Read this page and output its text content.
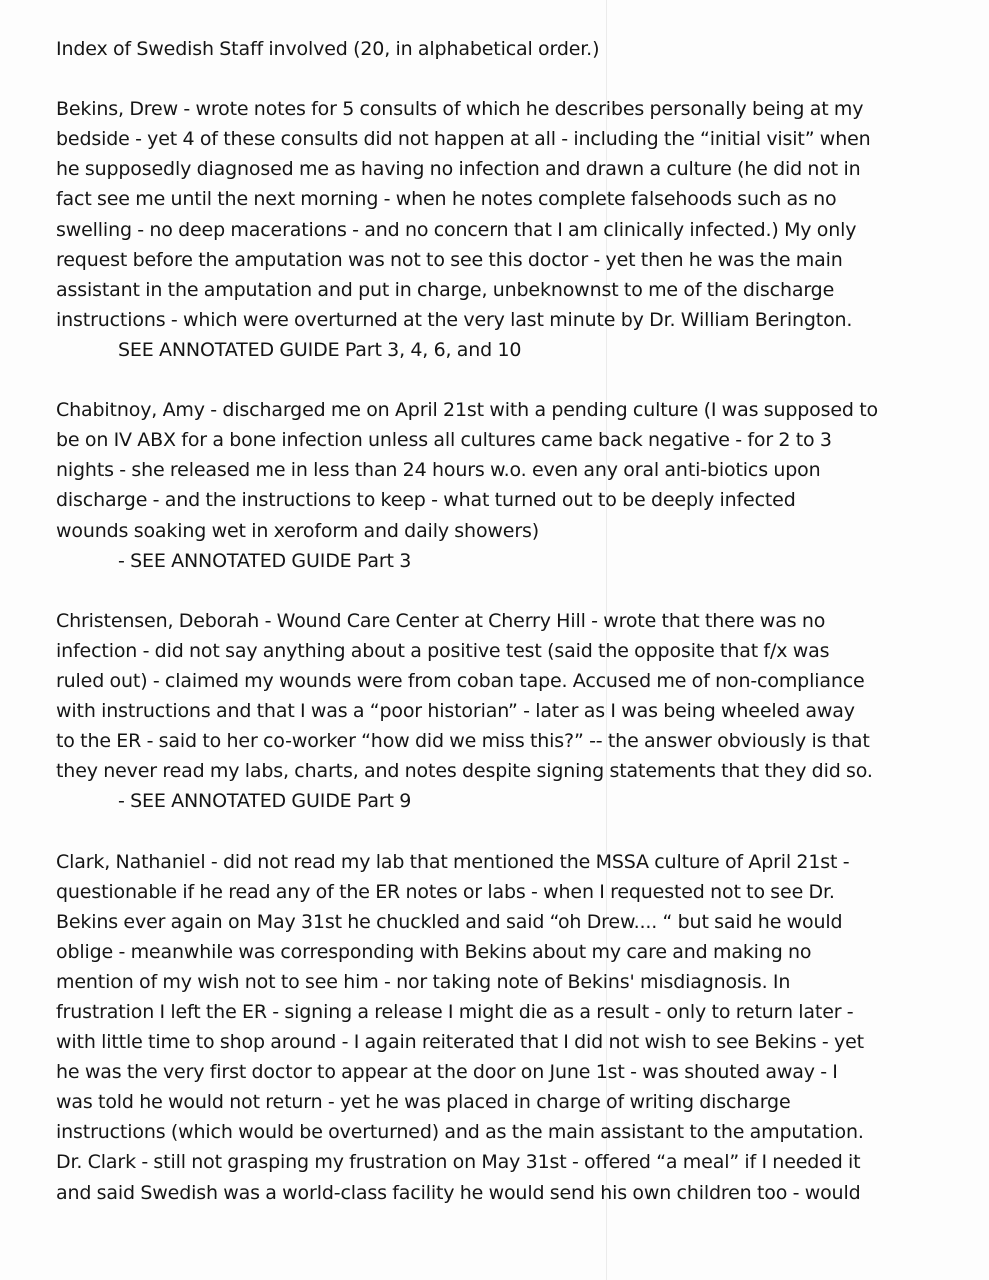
Index of Swedish Staff involved (20, in alphabetical order.)

Bekins, Drew - wrote notes for 5 consults of which he describes personally being at my

bedside - yet 4 of these consults did not happen at all - including the “initial visit” when

he supposedly diagnosed me as having no infection and drawn a culture (he did not in

fact see me until the next morning - when he notes complete falsehoods such as no

swelling - no deep macerations - and no concern that I am clinically infected.) My only

request before the amputation was not to see this doctor - yet then he was the main

assistant in the amputation and put in charge, unbeknownst to me of the discharge

instructions - which were overturned at the very last minute by Dr. William Berington.

SEE ANNOTATED GUIDE Part 3, 4, 6, and 10

Chabitnoy, Amy - discharged me on April 21st with a pending culture (I was supposed to

be on IV ABX for a bone infection unless all cultures came back negative - for 2 to 3

nights - she released me in less than 24 hours w.o. even any oral anti-biotics upon

discharge - and the instructions to keep - what turned out to be deeply infected

wounds soaking wet in xeroform and daily showers)

- SEE ANNOTATED GUIDE Part 3

Christensen, Deborah - Wound Care Center at Cherry Hill - wrote that there was no

infection - did not say anything about a positive test (said the opposite that f/x was

ruled out) - claimed my wounds were from coban tape. Accused me of non-compliance

with instructions and that I was a “poor historian” - later as I was being wheeled away

to the ER - said to her co-worker “how did we miss this?” -- the answer obviously is that

they never read my labs, charts, and notes despite signing statements that they did so.

- SEE ANNOTATED GUIDE Part 9

Clark, Nathaniel - did not read my lab that mentioned the MSSA culture of April 21st -

questionable if he read any of the ER notes or labs - when I requested not to see Dr.

Bekins ever again on May 31st he chuckled and said “oh Drew.... “ but said he would

oblige - meanwhile was corresponding with Bekins about my care and making no

mention of my wish not to see him - nor taking note of Bekins' misdiagnosis. In

frustration I left the ER - signing a release I might die as a result - only to return later -

with little time to shop around - I again reiterated that I did not wish to see Bekins - yet

he was the very first doctor to appear at the door on June 1st - was shouted away - I

was told he would not return - yet he was placed in charge of writing discharge

instructions (which would be overturned) and as the main assistant to the amputation.

Dr. Clark - still not grasping my frustration on May 31st - offered “a meal” if I needed it

and said Swedish was a world-class facility he would send his own children too - would
